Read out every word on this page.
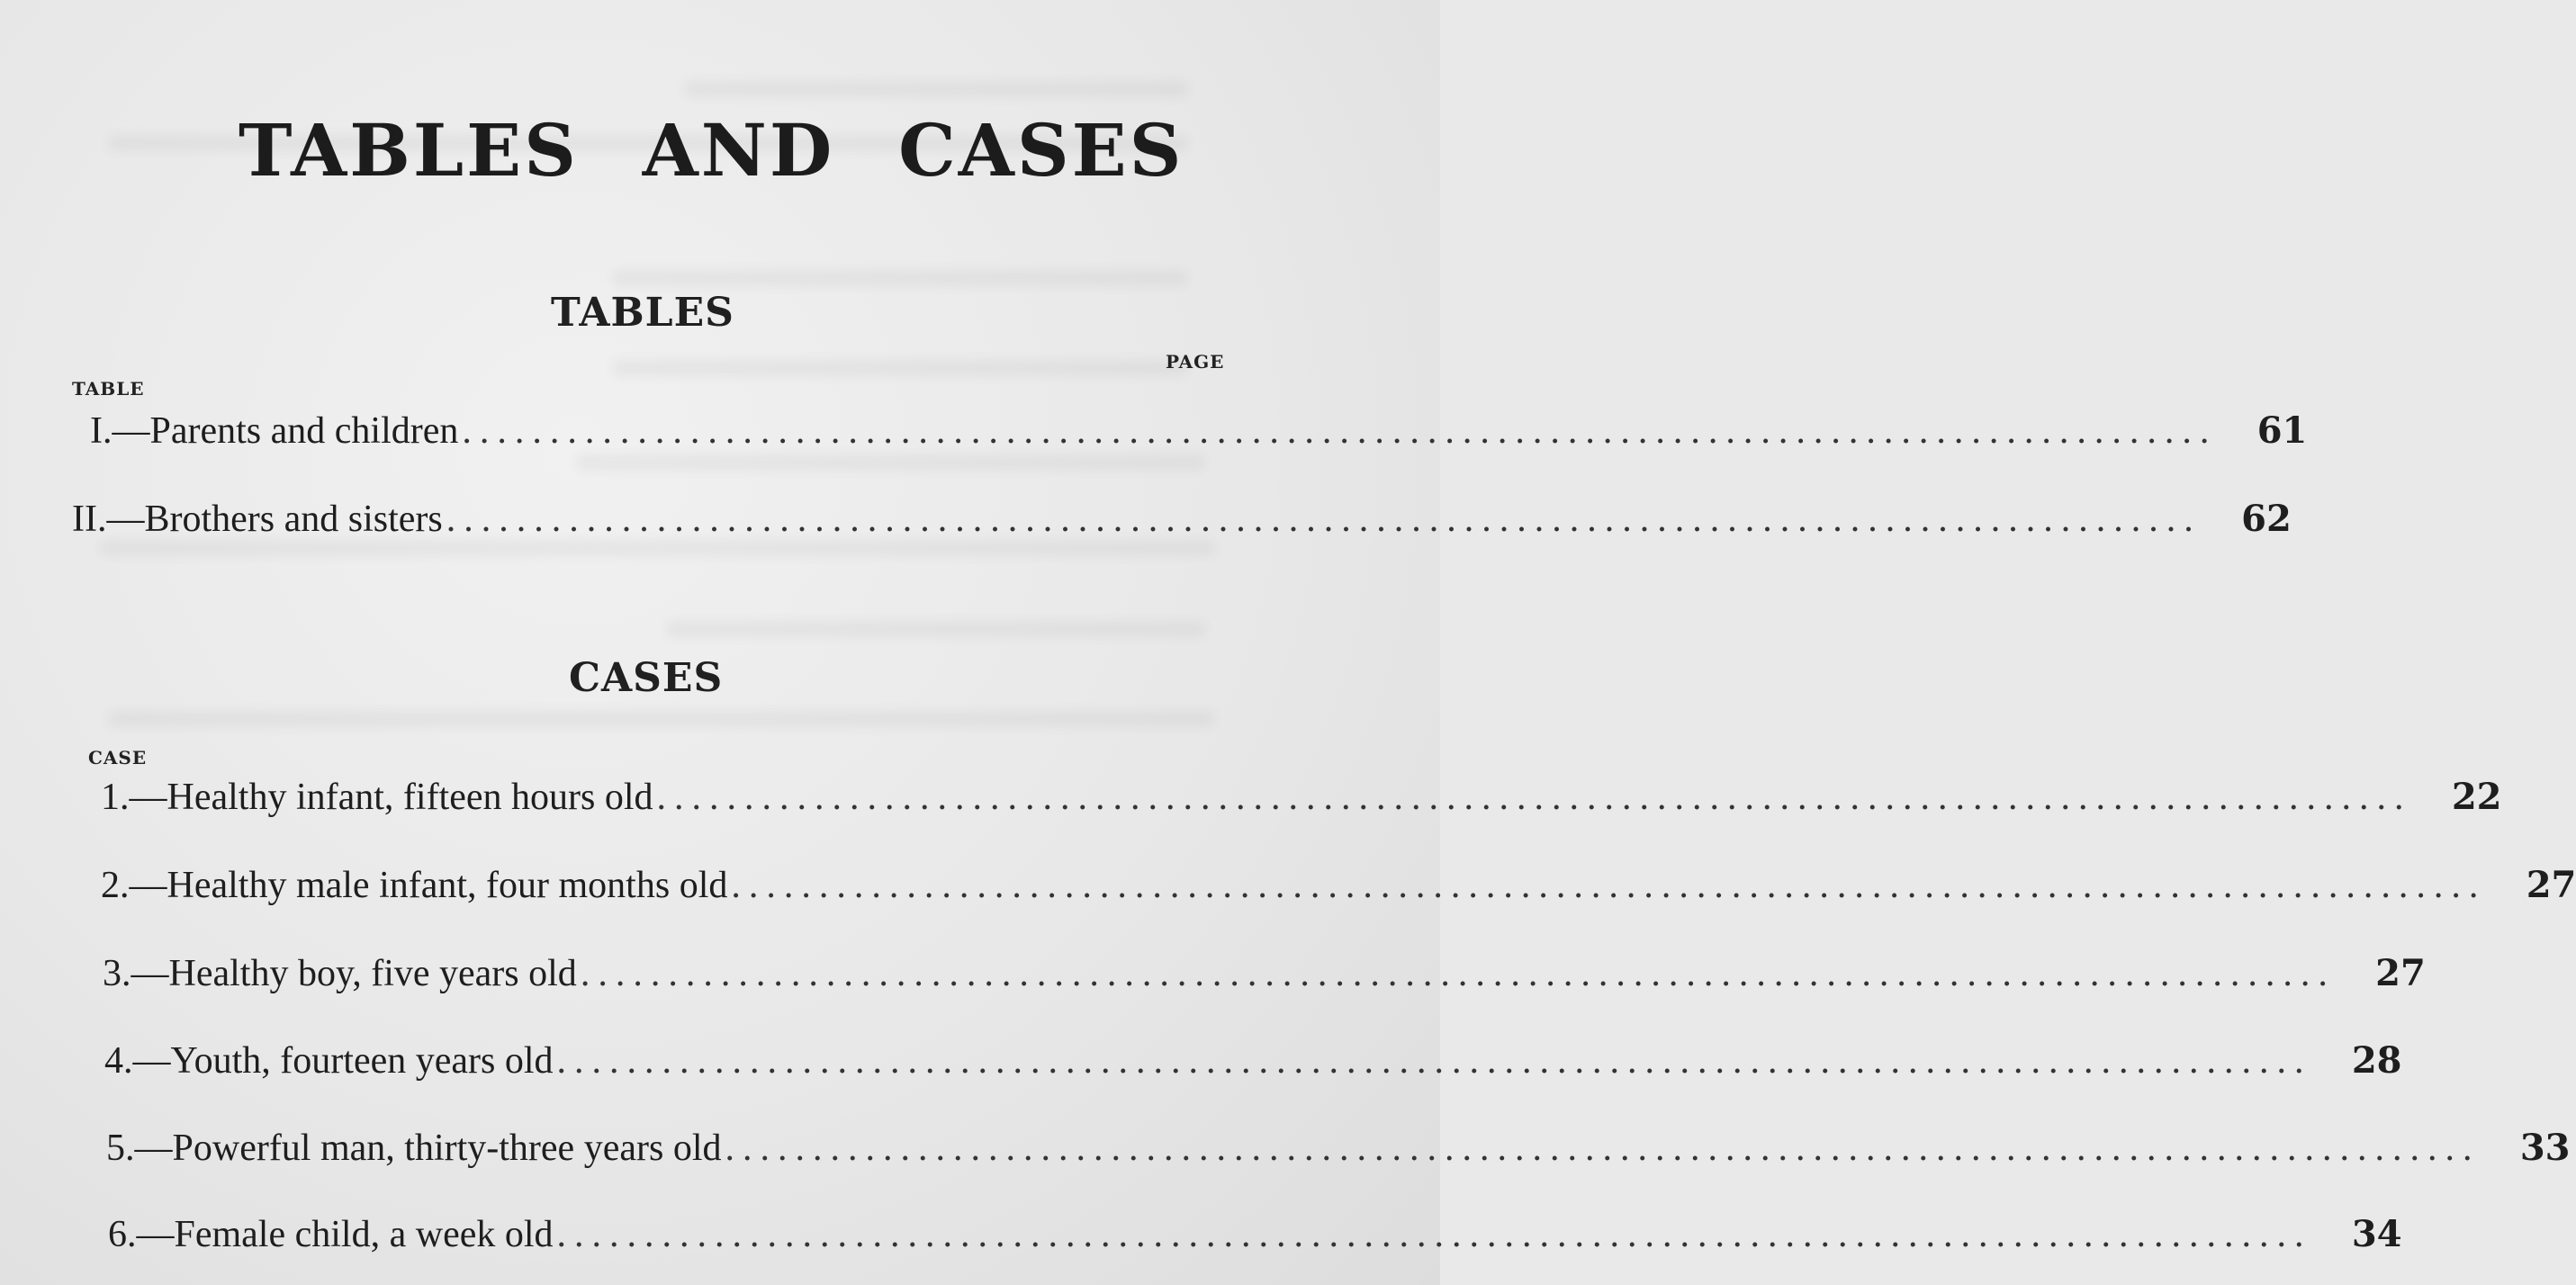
TABLES AND CASES
TABLES
PAGE
TABLE
I.—Parents and children ....................................................................................................	61
II.—Brothers and sisters ....................................................................................................	62
CASES
CASE
1.—Healthy infant, fifteen hours old ....................................................................................................	22
2.—Healthy male infant, four months old ....................................................................................................	27
3.—Healthy boy, five years old ....................................................................................................	27
4.—Youth, fourteen years old ....................................................................................................	28
5.—Powerful man, thirty-three years old ....................................................................................................	33
6.—Female child, a week old ....................................................................................................	34
